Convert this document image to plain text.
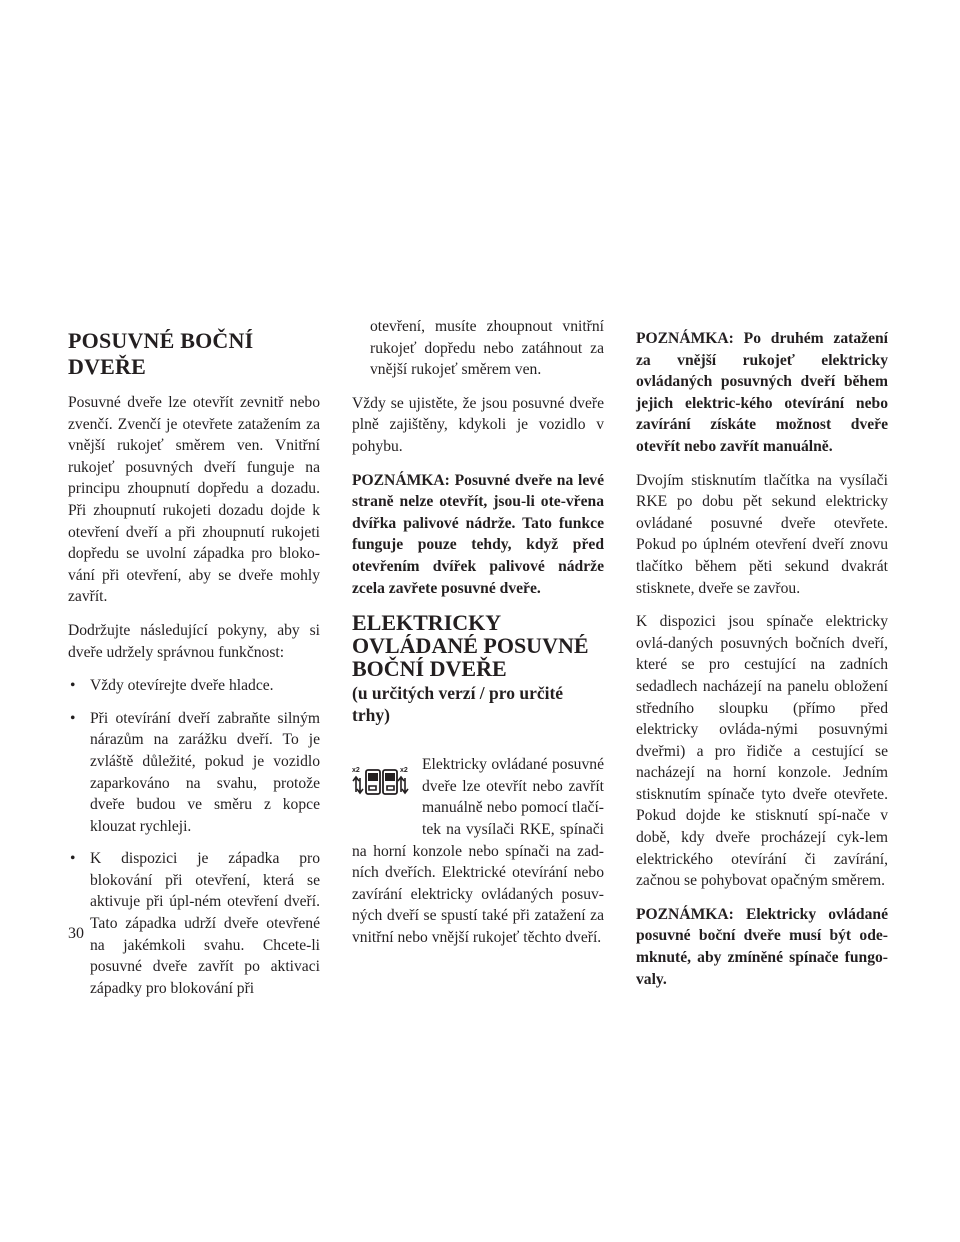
POSUVNÉ BOČNÍ DVEŘE

Posuvné dveře lze otevřít zevnitř nebo zvenčí. Zvenčí je otevřete zatažením za vnější rukojeť směrem ven. Vnitřní rukojeť posuvných dveří funguje na principu zhoupnutí dopředu a dozadu. Při zhoupnutí rukojeti dozadu dojde k otevření dveří a při zhoupnutí rukojeti dopředu se uvolní západka pro bloko-vání při otevření, aby se dveře mohly zavřít.

Dodržujte následující pokyny, aby si dveře udržely správnou funkčnost:

• Vždy otevírejte dveře hladce.
• Při otevírání dveří zabraňte silným nárazům na zarážku dveří. To je zvláště důležité, pokud je vozidlo zaparkováno na svahu, protože dveře budou ve směru z kopce klouzat rychleji.
• K dispozici je západka pro blokování při otevření, která se aktivuje při úpl-ném otevření dveří. Tato západka udrží dveře otevřené na jakémkoli svahu. Chcete-li posuvné dveře zavřít po aktivaci západky pro blokování při

otevření, musíte zhoupnout vnitřní rukojeť dopředu nebo zatáhnout za vnější rukojeť směrem ven.

Vždy se ujistěte, že jsou posuvné dveře plně zajištěny, kdykoli je vozidlo v pohybu.

POZNÁMKA: Posuvné dveře na levé straně nelze otevřít, jsou-li ote-vřena dvířka palivové nádrže. Tato funkce funguje pouze tehdy, když před otevřením dvířek palivové nádrže zcela zavřete posuvné dveře.

ELEKTRICKY OVLÁDANÉ POSUVNÉ BOČNÍ DVEŘE
(u určitých verzí / pro určité trhy)
x2	x2 Elektricky ovládané posuvné dveře lze otevřít nebo zavřít manuálně nebo pomocí tlačí-tek na vysílači RKE, spínači na horní konzole nebo spínači na zad-ních dveřích. Elektrické otevírání nebo zavírání elektricky ovládaných posuv-ných dveří se spustí také při zatažení za vnitřní nebo vnější rukojeť těchto dveří.

POZNÁMKA: Po druhém zatažení za vnější rukojeť elektricky ovládaných posuvných dveří během jejich elektric-kého otevírání nebo zavírání získáte možnost dveře otevřít nebo zavřít manuálně.

Dvojím stisknutím tlačítka na vysílači RKE po dobu pět sekund elektricky ovládané posuvné dveře otevřete. Pokud po úplném otevření dveří znovu tlačítko během pěti sekund dvakrát stisknete, dveře se zavřou.

K dispozici jsou spínače elektricky ovlá-daných posuvných bočních dveří, které se pro cestující na zadních sedadlech nacházejí na panelu obložení středního sloupku (přímo před elektricky ovláda-nými posuvnými dveřmi) a pro řidiče a cestující se nacházejí na horní konzole. Jedním stisknutím spínače tyto dveře otevřete. Pokud dojde ke stisknutí spí-nače v době, kdy dveře procházejí cyk-lem elektrického otevírání či zavírání, začnou se pohybovat opačným směrem.

POZNÁMKA: Elektricky ovládané posuvné boční dveře musí být ode-mknuté, aby zmíněné spínače fungo-valy.

30
